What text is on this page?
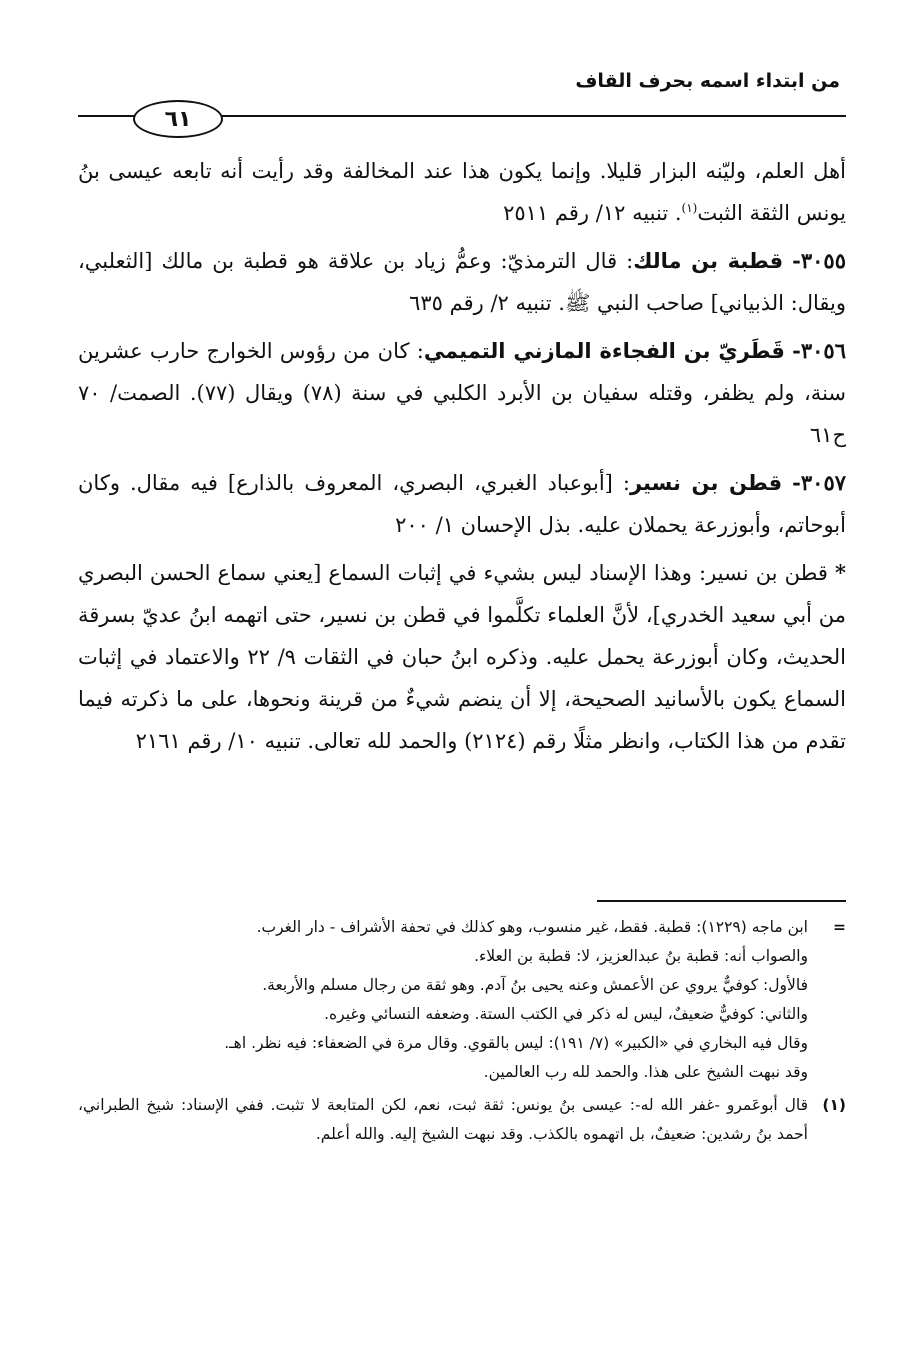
من ابتداء اسمه بحرف القاف
٦١

أهل العلم، وليّنه البزار قليلا. وإنما يكون هذا عند المخالفة وقد رأيت أنه تابعه عيسى بنُ يونس الثقة الثبت$^{(١)}$. تنبيه ١٢/ رقم ٢٥١١

٣٠٥٥- قطبة بن مالك: قال الترمذيّ: وعمُّ زياد بن علاقة هو قطبة بن مالك [الثعلبي، ويقال: الذبياني] صاحب النبي ﷺ. تنبيه ٢/ رقم ٦٣٥

٣٠٥٦- قَطَريّ بن الفجاءة المازني التميمي: كان من رؤوس الخوارج حارب عشرين سنة، ولم يظفر، وقتله سفيان بن الأبرد الكلبي في سنة (٧٨) ويقال (٧٧). الصمت/ ٧٠ ح٦١

٣٠٥٧- قطن بن نسير: [أبوعباد الغبري، البصري، المعروف بالذارع] فيه مقال. وكان أبوحاتم، وأبوزرعة يحملان عليه. بذل الإحسان ١/ ٢٠٠

* قطن بن نسير: وهذا الإسناد ليس بشيء في إثبات السماع [يعني سماع الحسن البصري من أبي سعيد الخدري]، لأنَّ العلماء تكلَّموا في قطن بن نسير، حتى اتهمه ابنُ عديّ بسرقة الحديث، وكان أبوزرعة يحمل عليه. وذكره ابنُ حبان في الثقات ٩/ ٢٢ والاعتماد في إثبات السماع يكون بالأسانيد الصحيحة، إلا أن ينضم شيءٌ من قرينة ونحوها، على ما ذكرته فيما تقدم من هذا الكتاب، وانظر مثلًا رقم (٢١٢٤) والحمد لله تعالى. تنبيه ١٠/ رقم ٢١٦١

=
ابن ماجه (١٢٢٩): قطبة. فقط، غير منسوب، وهو كذلك في تحفة الأشراف - دار الغرب.
والصواب أنه: قطبة بنُ عبدالعزيز، لا: قطبة بن العلاء.
فالأول: كوفيٌّ يروي عن الأعمش وعنه يحيى بنُ آدم. وهو ثقة من رجال مسلم والأربعة.
والثاني: كوفيٌّ ضعيفٌ، ليس له ذكر في الكتب الستة. وضعفه النسائي وغيره.
وقال فيه البخاري في «الكبير» (٧/ ١٩١): ليس بالقوي. وقال مرة في الضعفاء: فيه نظر. اهـ.
وقد نبهت الشيخ على هذا. والحمد لله رب العالمين.
(١)
قال أبوعَمرو -غفر الله له-: عيسى بنُ يونس: ثقة ثبت، نعم، لكن المتابعة لا تثبت. ففي الإسناد: شيخ الطبراني، أحمد بنُ رشدين: ضعيفٌ، بل اتهموه بالكذب. وقد نبهت الشيخ إليه. والله أعلم.
